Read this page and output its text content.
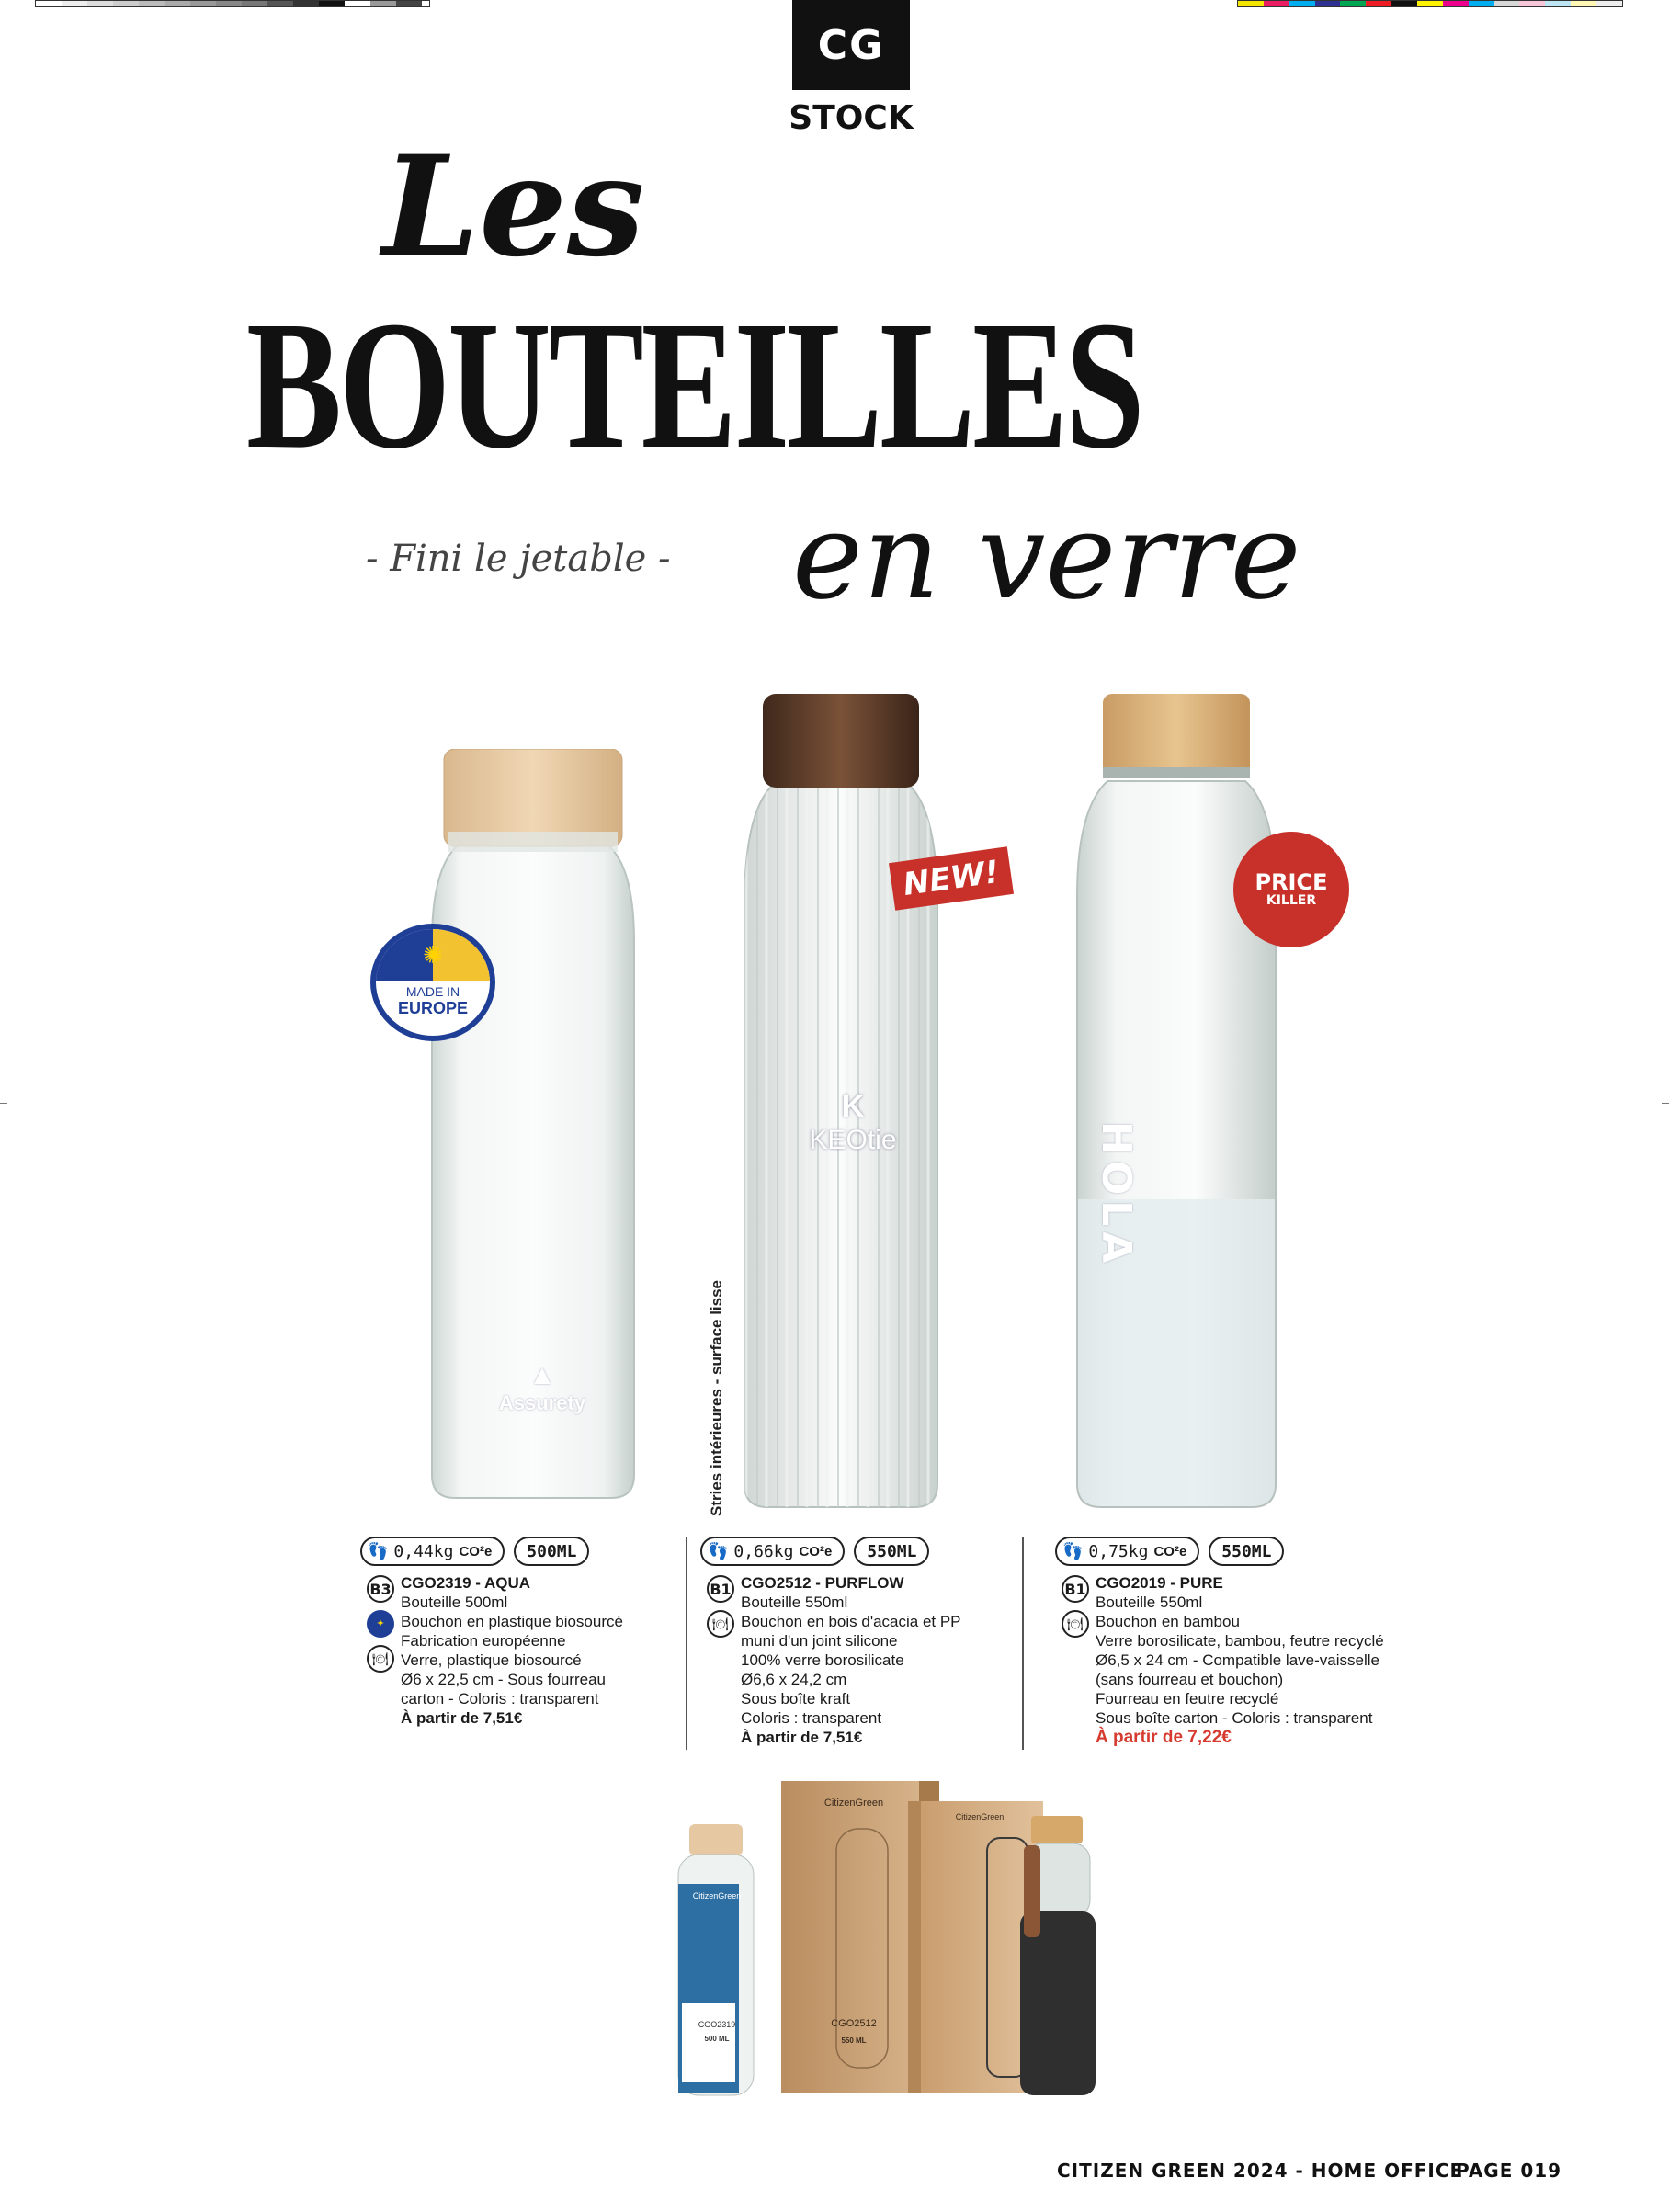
CG
STOCK
Les
BOUTEILLES
- Fini le jetable - en verre
▲
Assurety
✺
MADE IN
EUROPE
K
KEOtie
NEW!
Stries intérieures - surface lisse
HOLA
PRICE
KILLER
👣 0,44kg CO²e	500ML
B3
✦
🍽
CGO2319 - AQUA
Bouteille 500ml
Bouchon en plastique biosourcé
Fabrication européenne
Verre, plastique biosourcé
Ø6 x 22,5 cm - Sous fourreau
carton - Coloris : transparent
À partir de 7,51€
👣 0,66kg CO²e	550ML
B1
🍽
CGO2512 - PURFLOW
Bouteille 550ml
Bouchon en bois d'acacia et PP
muni d'un joint silicone
100% verre borosilicate
Ø6,6 x 24,2 cm
Sous boîte kraft
Coloris : transparent
À partir de 7,51€
👣 0,75kg CO²e	550ML
B1
🍽
CGO2019 - PURE
Bouteille 550ml
Bouchon en bambou
Verre borosilicate, bambou, feutre recyclé
Ø6,5 x 24 cm - Compatible lave-vaisselle
(sans fourreau et bouchon)
Fourreau en feutre recyclé
Sous boîte carton - Coloris : transparent
À partir de 7,22€
CitizenGreen
CGO2319
500 ML
CitizenGreen
CGO2512
550 ML
CitizenGreen
CITIZEN GREEN 2024 - HOME OFFICE
PAGE 019
